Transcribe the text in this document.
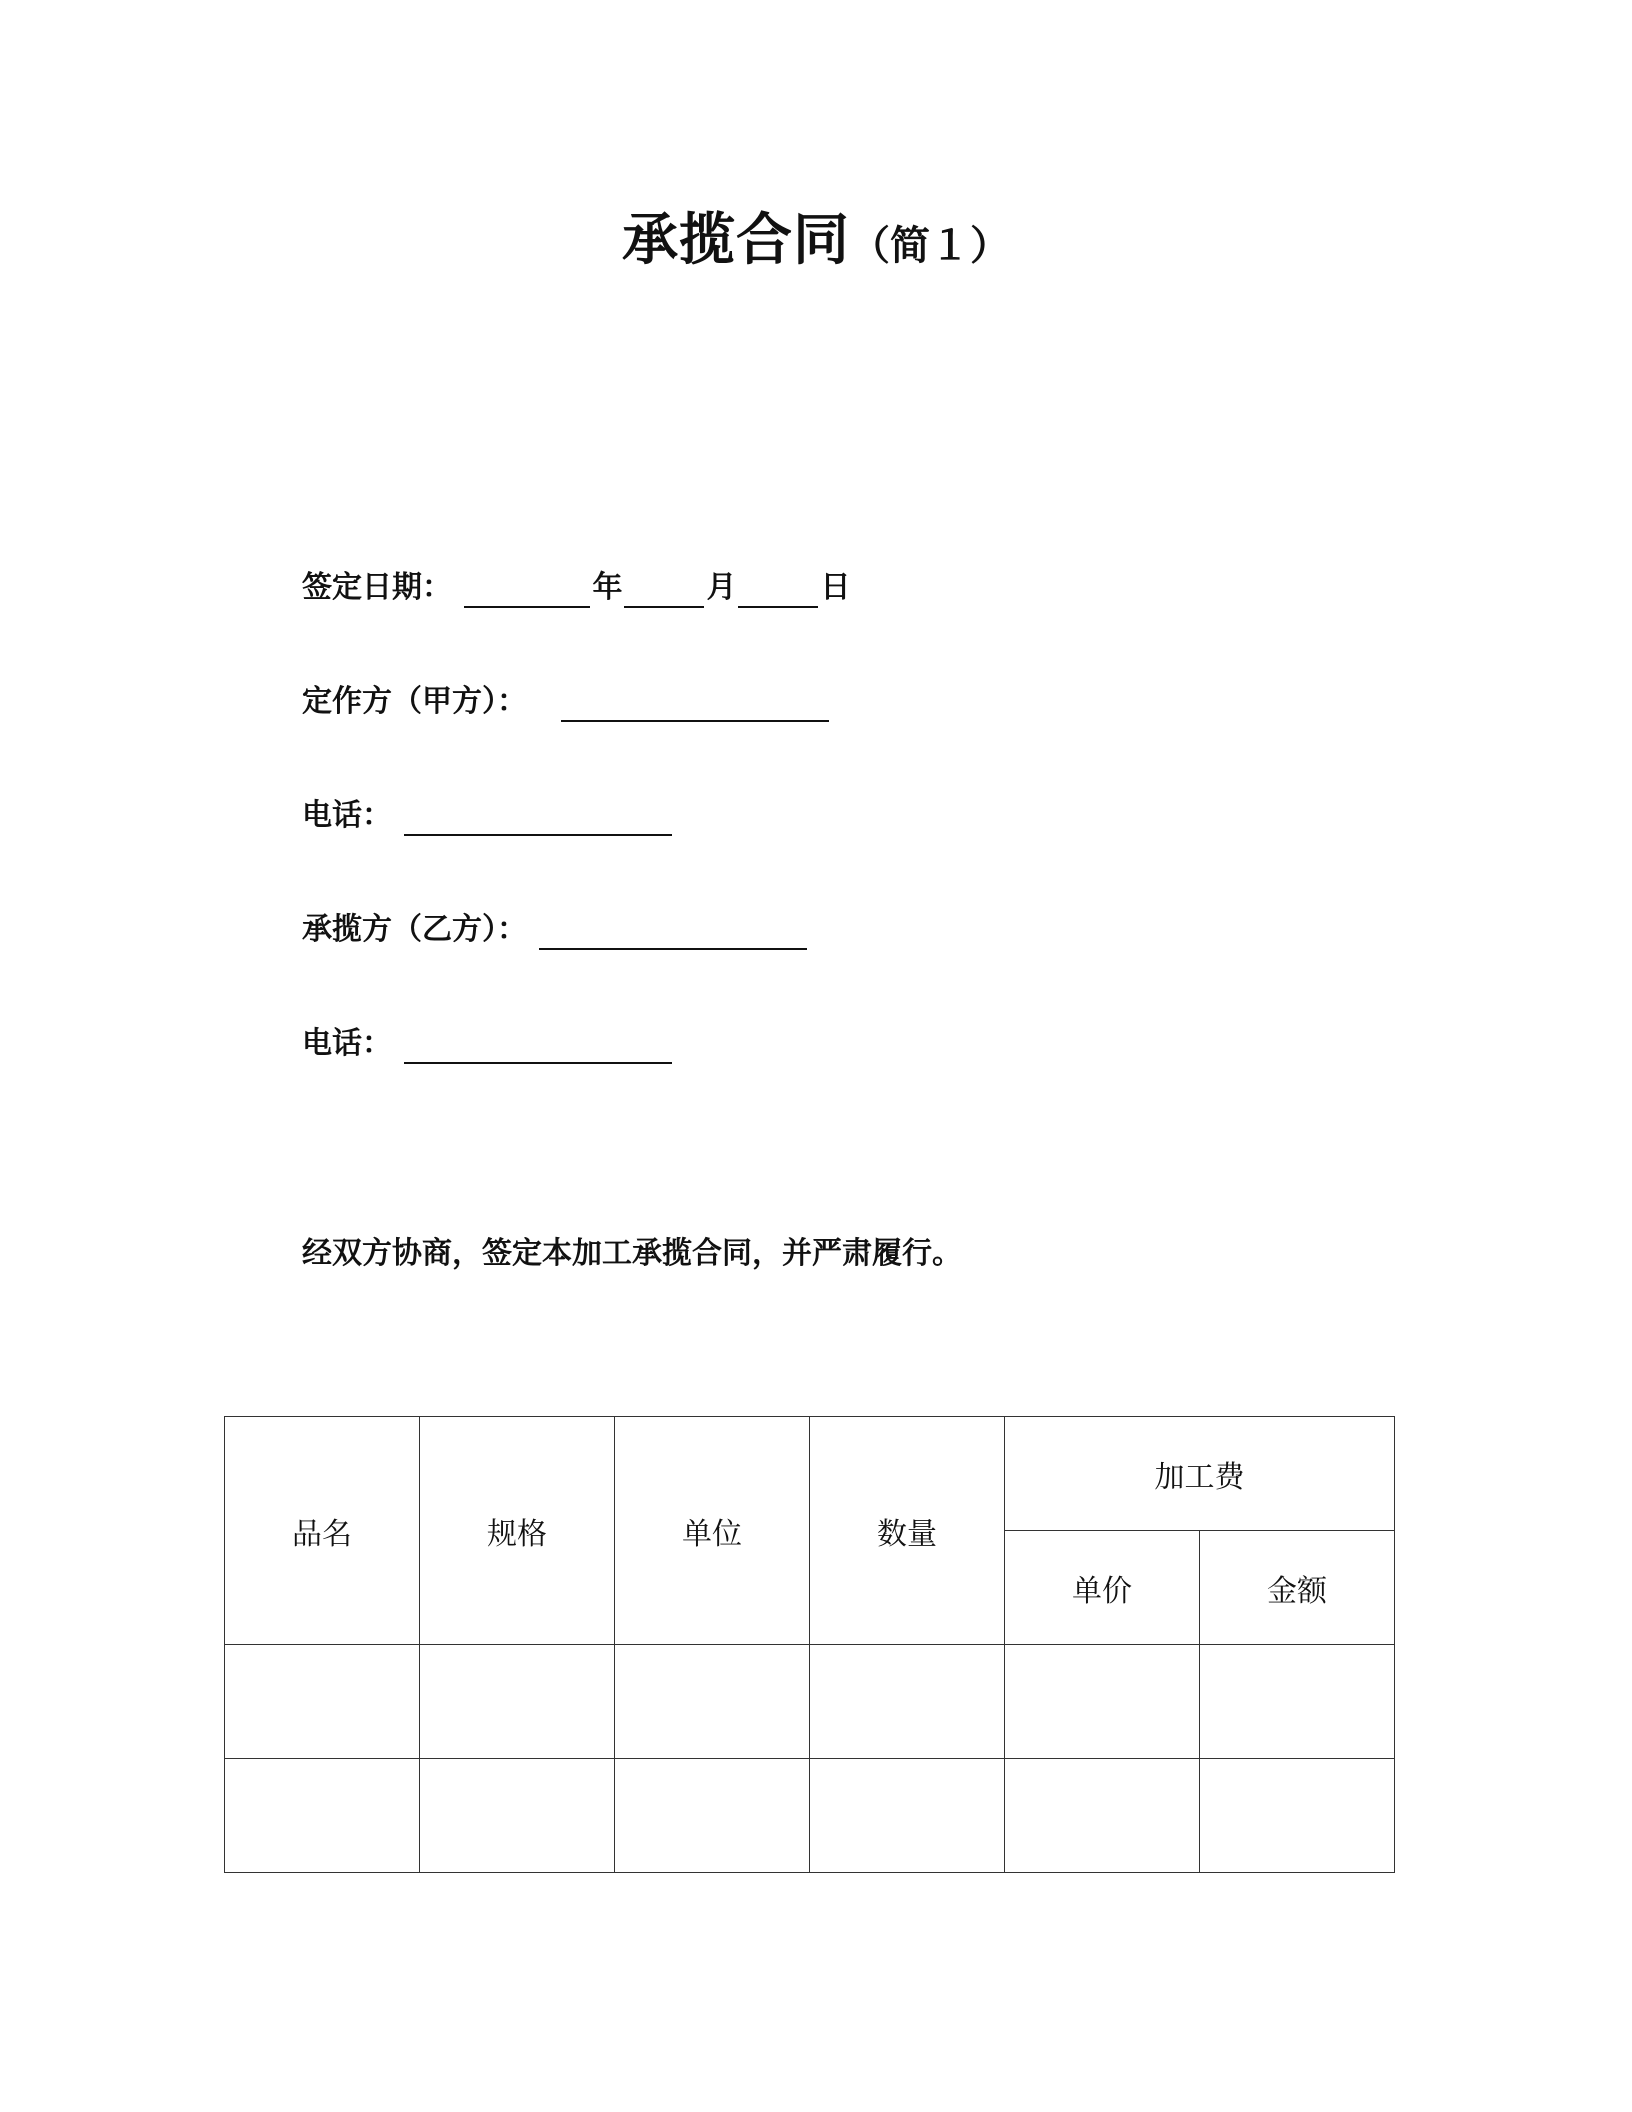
承揽合同（简１）
签定日期：	年	月	日
定作方（甲方）：
电话：
承揽方（乙方）：
电话：
经双方协商，签定本加工承揽合同，并严肃履行。
品名	规格	单位	数量	加工费	
				单价	金额
